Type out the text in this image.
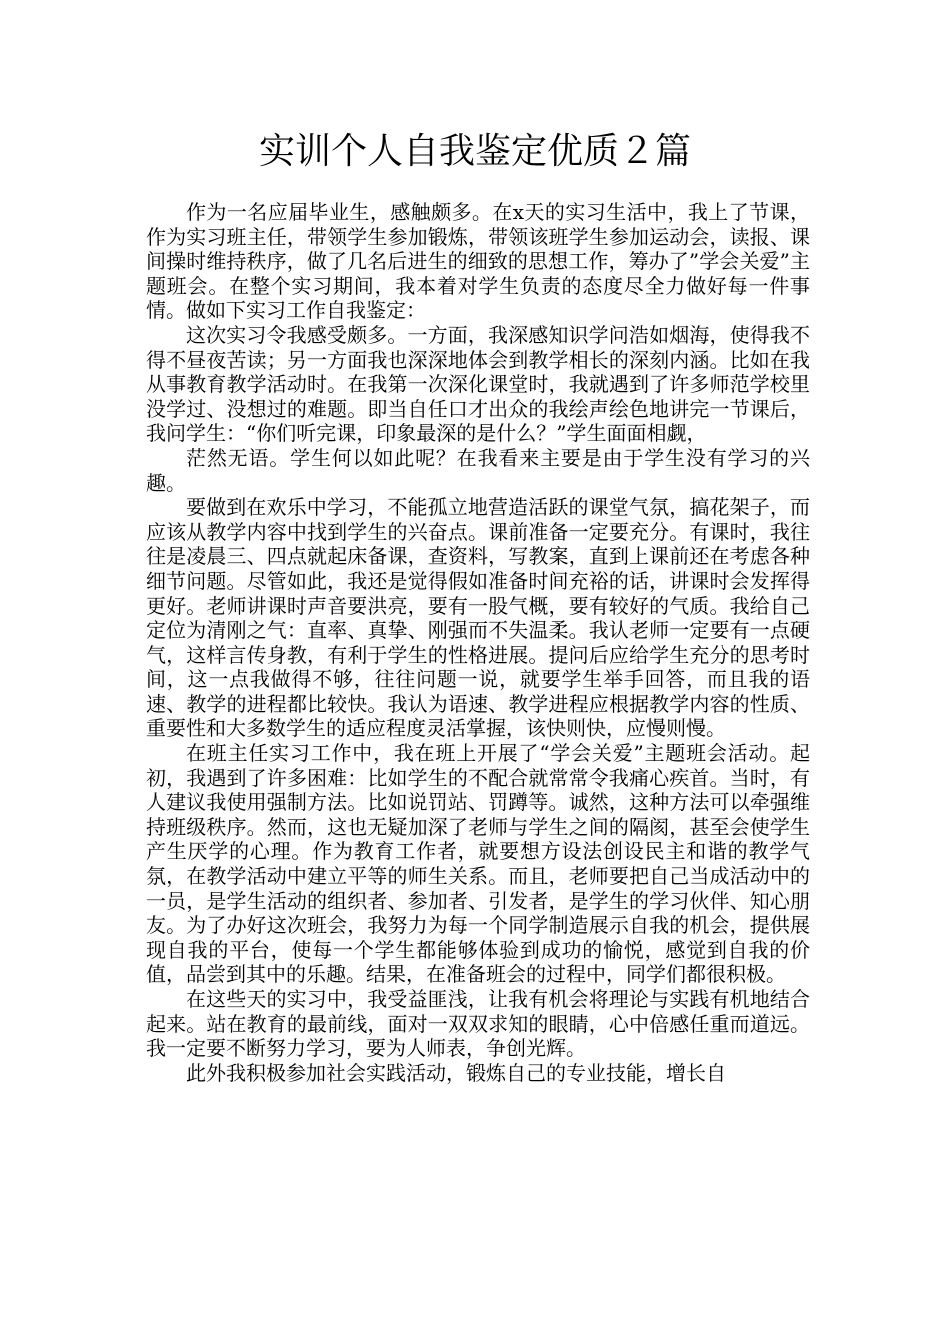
实训个人自我鉴定优质２篇

作为一名应届毕业生，感触颇多。在x天的实习生活中，我上了节课，作为实习班主任，带领学生参加锻炼，带领该班学生参加运动会，读报、课间操时维持秩序，做了几名后进生的细致的思想工作，筹办了”学会关爱”主题班会。在整个实习期间，我本着对学生负责的态度尽全力做好每一件事情。做如下实习工作自我鉴定：

这次实习令我感受颇多。一方面，我深感知识学问浩如烟海，使得我不得不昼夜苦读；另一方面我也深深地体会到教学相长的深刻内涵。比如在我从事教育教学活动时。在我第一次深化课堂时，我就遇到了许多师范学校里没学过、没想过的难题。即当自任口才出众的我绘声绘色地讲完一节课后，我问学生：“你们听完课，印象最深的是什么？”学生面面相觑，

茫然无语。学生何以如此呢？在我看来主要是由于学生没有学习的兴趣。

要做到在欢乐中学习，不能孤立地营造活跃的课堂气氛，搞花架子，而应该从教学内容中找到学生的兴奋点。课前准备一定要充分。有课时，我往往是凌晨三、四点就起床备课，查资料，写教案，直到上课前还在考虑各种细节问题。尽管如此，我还是觉得假如准备时间充裕的话，讲课时会发挥得更好。老师讲课时声音要洪亮，要有一股气概，要有较好的气质。我给自己定位为清刚之气：直率、真挚、刚强而不失温柔。我认老师一定要有一点硬气，这样言传身教，有利于学生的性格进展。提问后应给学生充分的思考时间，这一点我做得不够，往往问题一说，就要学生举手回答，而且我的语速、教学的进程都比较快。我认为语速、教学进程应根据教学内容的性质、重要性和大多数学生的适应程度灵活掌握，该快则快，应慢则慢。

在班主任实习工作中，我在班上开展了“学会关爱”主题班会活动。起初，我遇到了许多困难：比如学生的不配合就常常令我痛心疾首。当时，有人建议我使用强制方法。比如说罚站、罚蹲等。诚然，这种方法可以牵强维持班级秩序。然而，这也无疑加深了老师与学生之间的隔阂，甚至会使学生产生厌学的心理。作为教育工作者，就要想方设法创设民主和谐的教学气氛，在教学活动中建立平等的师生关系。而且，老师要把自己当成活动中的一员，是学生活动的组织者、参加者、引发者，是学生的学习伙伴、知心朋友。为了办好这次班会，我努力为每一个同学制造展示自我的机会，提供展现自我的平台，使每一个学生都能够体验到成功的愉悦，感觉到自我的价值，品尝到其中的乐趣。结果，在准备班会的过程中，同学们都很积极。

在这些天的实习中，我受益匪浅，让我有机会将理论与实践有机地结合起来。站在教育的最前线，面对一双双求知的眼睛，心中倍感任重而道远。我一定要不断努力学习，要为人师表，争创光辉。

此外我积极参加社会实践活动，锻炼自己的专业技能，增长自
